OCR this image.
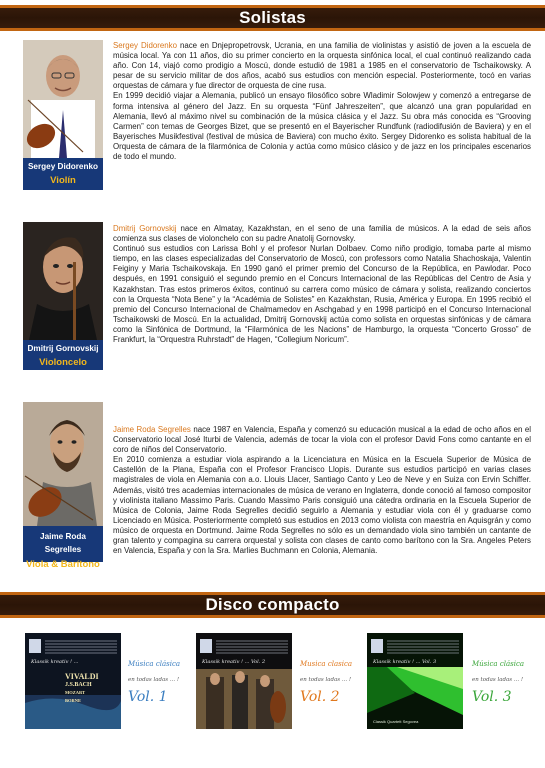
Solistas
Sergey Didorenko
Violín

Sergey Didorenko nace en Dnjepropetrovsk, Ucrania, en una familia de violinistas y asistió de joven a la escuela de música local. Ya con 11 años, dio su primer concierto en la orquesta sinfónica local, el cual continuó realizando cada año. Con 14, viajó como prodigio a Moscú, donde estudió de 1981 a 1985 en el conservatorio de Tschaikowsky. A pesar de su servicio militar de dos años, acabó sus estudios con mención especial. Posteriormente, tocó en varias orquestas de cámara y fue director de orquesta de cine rusa.

En 1999 decidió viajar a Alemania, publicó un ensayo filosófico sobre Wladimir Solowjew y comenzó a entregarse de forma intensiva al género del Jazz. En su orquesta “Fünf Jahreszeiten”, que alcanzó una gran popularidad en Alemania, llevó al máximo nivel su combinación de la música clásica y el Jazz. Su obra más conocida es “Grooving Carmen” con temas de Georges Bizet, que se presentó en el Bayerischer Rundfunk (radiodifusión de Baviera) y en el Bayerisches Musikfestival (festival de música de Baviera) con mucho éxito. Sergey Didorenko es solista habitual de la Orquesta de cámara de la filarmónica de Colonia y actúa como músico clásico y de jazz en los principales escenarios de todo el mundo.

Dmitrij Gornovskij
Violoncelo

Dmitrij Gornovskij nace en Almatay, Kazakhstan, en el seno de una familia de músicos. A la edad de seis años comienza sus clases de violonchelo con su padre Anatolij Gornovsky.

Continuó sus estudios con Larissa Bohl y el profesor Nurlan Dolbaev. Como niño prodigio, tomaba parte al mismo tiempo, en las clases especializadas del Conservatorio de Moscú, con professors como Natalia Shachoskaja, Valentin Feiginy y Maria Tschaikovskaja. En 1990 ganó el primer premio del Concurso de la República, en Pawlodar. Poco después, en 1991 consiguió el segundo premio en el Concurs Internacional de las Repúblicas del Centro de Asia y Kazakhstan. Tras estos primeros éxitos, continuó su carrera como músico de cámara y solista, realizando conciertos con la Orquesta “Nota Bene” y la “Académia de Solistes” en Kazakhstan, Rusia, América y Europa. En 1995 recibió el premio del Concurso Internacional de Chalmamedov en Aschgabad y en 1998 participó en el Concurso Internacional Tschaikowski de Moscú. En la actualidad, Dmitrij Gornovskij actúa como solista en orquestas sinfónicas y de cámara como la Sinfónica de Dortmund, la “Filarmónica de les Nacions” de Hamburgo, la orquesta “Concerto Grosso” de Frankfurt, la “Orquestra Ruhrstadt” de Hagen, “Collegium Noricum”.

Jaime Roda Segrelles
Viola & Barítono

Jaime Roda Segrelles nace 1987 en Valencia, España y comenzó su educación musical a la edad de ocho años en el Conservatorio local José Iturbi de Valencia, además de tocar la viola con el profesor David Fons como cantante en el coro de niños del Conservatorio.

En 2010 comienza a estudiar viola aspirando a la Licenciatura en Música en la Escuela Superior de Música de Castellón de la Plana, España con el Profesor Francisco Llopis. Durante sus estudios participó en varias clases magistrales de viola en Alemania con a.o. Llouis Llacer, Santiago Canto y Leo de Neve y en Suiza con Ervin Schiffer. Además, visitó tres academias internacionales de música de verano en Inglaterra, donde conoció al famoso compositor y violinista italiano Massimo Paris. Cuando Massimo Paris consiguió una cátedra ordinaria en la Escuela Superior de Música de Colonia, Jaime Roda Segrelles decidió seguirlo a Alemania y estudiar viola con él y graduarse como Licenciado en Música. Posteriormente completó sus estudios en 2013 como violista con maestría en Aquisgrán y como músico de orquesta en Dortmund. Jaime Roda Segrelles no sólo es un demandado viola sino también un cantante de gran talento y compagina su carrera orquestal y solista con clases de canto como barítono con la Sra. Angeles Peters en Valencia, España y con la Sra. Marlies Buchmann en Colonia, Alemania.

Disco compacto
Klassik kreativ ! ...
VIVALDI
J.S.BACH
MOZART
BORNE
Música clásica
en todas ladas ... !
Vol. 1
Klassik kreativ ! ... Vol. 2	Musica clasica
en todas ladas ... !
Vol. 2
Klassik kreativ ! ... Vol. 3
Classik Quartett Segovea
Música clásica
en todas ladas ... !
Vol. 3
